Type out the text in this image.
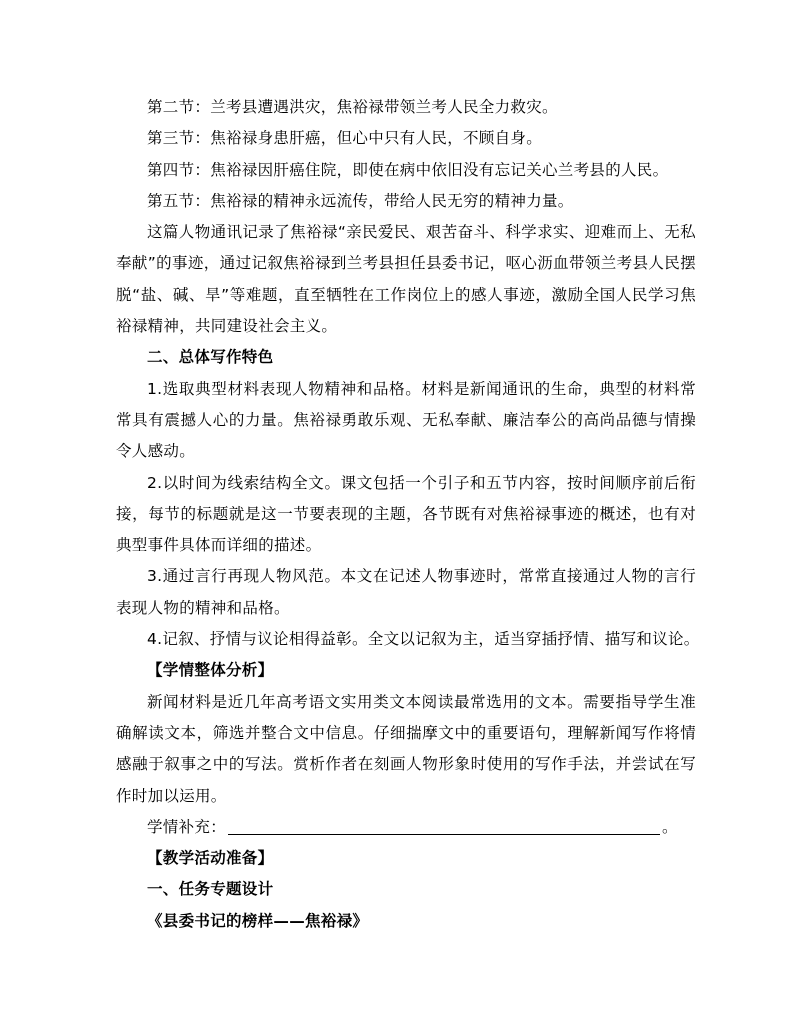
第二节：兰考县遭遇洪灾，焦裕禄带领兰考人民全力救灾。

第三节：焦裕禄身患肝癌，但心中只有人民，不顾自身。

第四节：焦裕禄因肝癌住院，即使在病中依旧没有忘记关心兰考县的人民。

第五节：焦裕禄的精神永远流传，带给人民无穷的精神力量。

这篇人物通讯记录了焦裕禄“亲民爱民、艰苦奋斗、科学求实、迎难而上、无私奉献”的事迹，通过记叙焦裕禄到兰考县担任县委书记，呕心沥血带领兰考县人民摆脱“盐、碱、旱”等难题，直至牺牲在工作岗位上的感人事迹，激励全国人民学习焦裕禄精神，共同建设社会主义。

二、总体写作特色

1.选取典型材料表现人物精神和品格。材料是新闻通讯的生命，典型的材料常常具有震撼人心的力量。焦裕禄勇敢乐观、无私奉献、廉洁奉公的高尚品德与情操令人感动。

2.以时间为线索结构全文。课文包括一个引子和五节内容，按时间顺序前后衔接，每节的标题就是这一节要表现的主题，各节既有对焦裕禄事迹的概述，也有对典型事件具体而详细的描述。

3.通过言行再现人物风范。本文在记述人物事迹时，常常直接通过人物的言行表现人物的精神和品格。

4.记叙、抒情与议论相得益彰。全文以记叙为主，适当穿插抒情、描写和议论。

【学情整体分析】

新闻材料是近几年高考语文实用类文本阅读最常选用的文本。需要指导学生准确解读文本，筛选并整合文中信息。仔细揣摩文中的重要语句，理解新闻写作将情感融于叙事之中的写法。赏析作者在刻画人物形象时使用的写作手法，并尝试在写作时加以运用。

学情补充：	。

【教学活动准备】

一、任务专题设计

《县委书记的榜样——焦裕禄》
